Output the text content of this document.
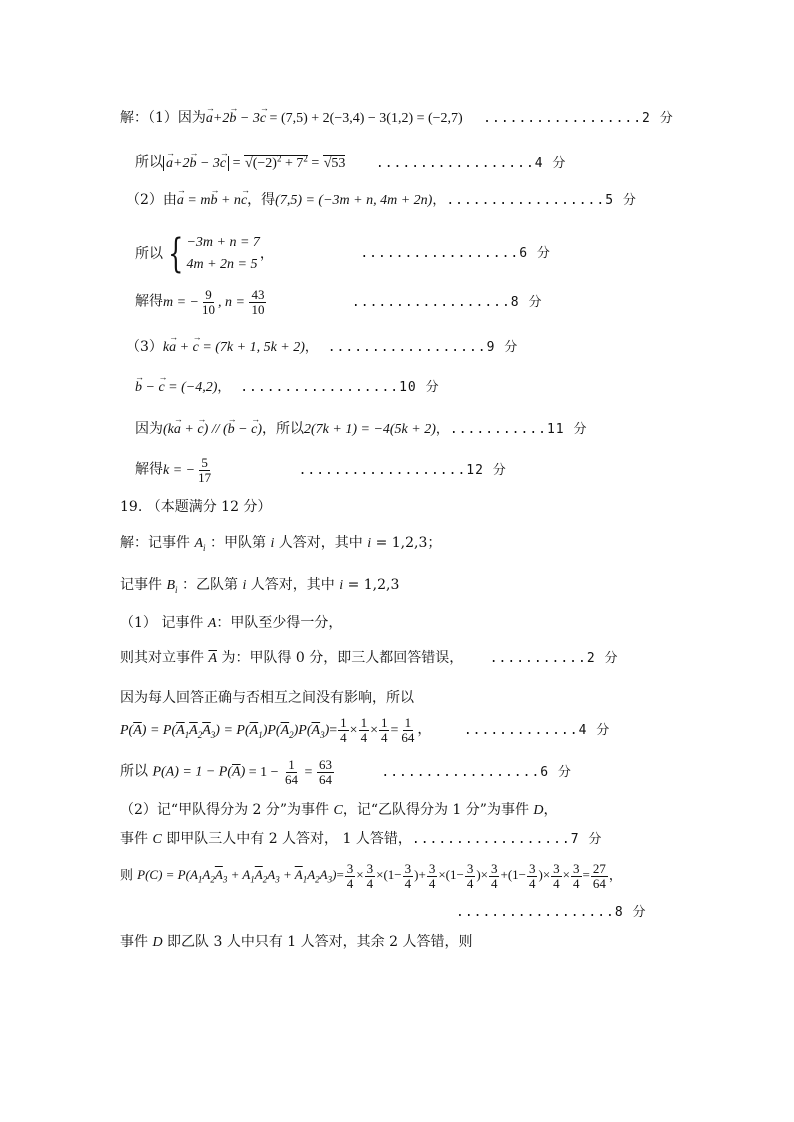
解：（1）因为→ a+2→ b − 3→ c = (7,5) + 2(−3,4) − 3(1,2) = (−2,7) ..................2 分
所以 → $a+2\to b - 3\to c = √(-2)^2 + 7^2 = √53$ ..................4 分
（2）由→ a = m→ b + n→ c，得(7,5) = (−3m + n, 4m + 2n)，..................5 分
所以 { −3m + n = 7
4m + 2n = 5
，	..................6 分
解得m = − $\frac{9}{10}$ , $n = \frac{43}{10}$	..................8 分
（3）k→ a + → c = (7k + 1, 5k + 2)， ..................9 分
→ b − → c = (−4,2)， ..................10 分
因为(k→ a + → c) // (→ b − → c)，所以2(7k + 1) = −4(5k + 2)，...........11 分
解得k = − $\frac{5}{17}$	...................12 分
19. （本题满分 12 分）
解：记事件 $A_i$ ：甲队第 i 人答对，其中 i = 1,2,3；
记事件 $B_i$ ：乙队第 i 人答对，其中 i = 1,2,3
（1） 记事件 A：甲队至少得一分，
则其对立事件 $\overline{A}$ 为：甲队得 0 分，即三人都回答错误， ...........2 分
因为每人回答正确与否相互之间没有影响，所以
$P(\overline{A}) = P(\overline{A}_1\overline{A}_2\overline{A}_3) = P(\overline{A}_1)P(\overline{A}_2)P(\overline{A}_3)= \frac{1}{4} \times \frac{1}{4} \times \frac{1}{4} = \frac{1}{64}$ ， .............4 分
所以 $P(A) = 1 - P(\overline{A}) = 1 - \frac{1}{64} = \frac{63}{64}$	..................6 分
（2）记“甲队得分为 2 分”为事件 C，记“乙队得分为 1 分”为事件 D，
事件 C 即甲队三人中有 2 人答对， 1 人答错，..................7 分
则 $P(C) = P(A_1A_2\overline{A}_3 + A_1\overline{A}_2A_3 + \overline{A}_1A_2A_3)= \frac{3}{4} \times \frac{3}{4} \times(1- \frac{3}{4}$ )+ $\frac{3}{4} \times(1- \frac{3}{4}$ )× $\frac{3}{4} +(1- \frac{3}{4}$ )× $\frac{3}{4} \times \frac{3}{4} = \frac{27}{64}$ ，
..................8 分
事件 D 即乙队 3 人中只有 1 人答对，其余 2 人答错，则
